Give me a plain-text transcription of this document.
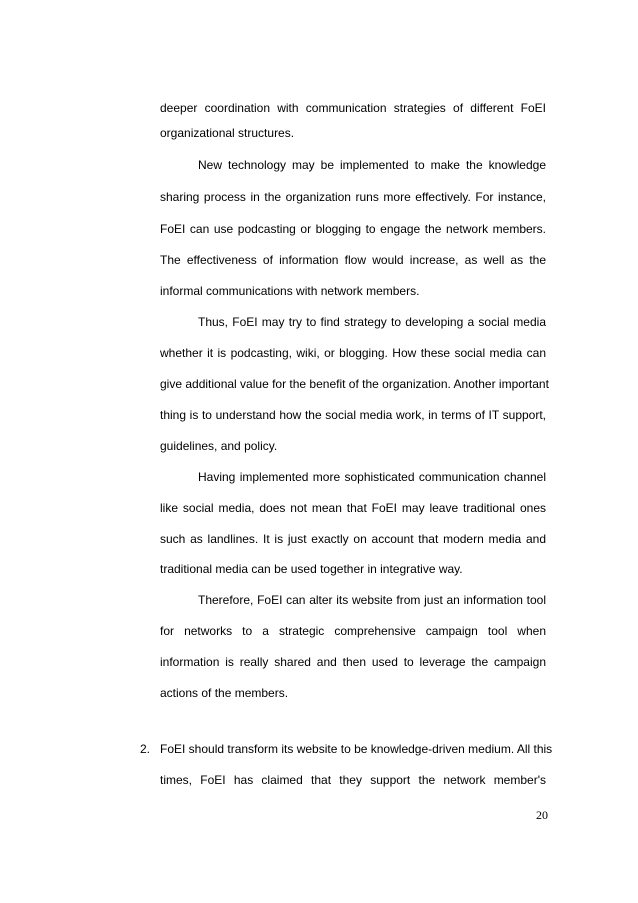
deeper coordination with communication strategies of different FoEI
organizational structures.
New technology may be implemented to make the knowledge
sharing process in the organization runs more effectively. For instance,
FoEI can use podcasting or blogging to engage the network members.
The effectiveness of information flow would increase, as well as the
informal communications with network members.
Thus, FoEI may try to find strategy to developing a social media
whether it is podcasting, wiki, or blogging. How these social media can
give additional value for the benefit of the organization. Another important
thing is to understand how the social media work, in terms of IT support,
guidelines, and policy.
Having implemented more sophisticated communication channel
like social media, does not mean that FoEI may leave traditional ones
such as landlines. It is just exactly on account that modern media and
traditional media can be used together in integrative way.
Therefore, FoEI can alter its website from just an information tool
for networks to a strategic comprehensive campaign tool when
information is really shared and then used to leverage the campaign
actions of the members.
2. FoEI should transform its website to be knowledge-driven medium. All this
times, FoEI has claimed that they support the network member's
20
